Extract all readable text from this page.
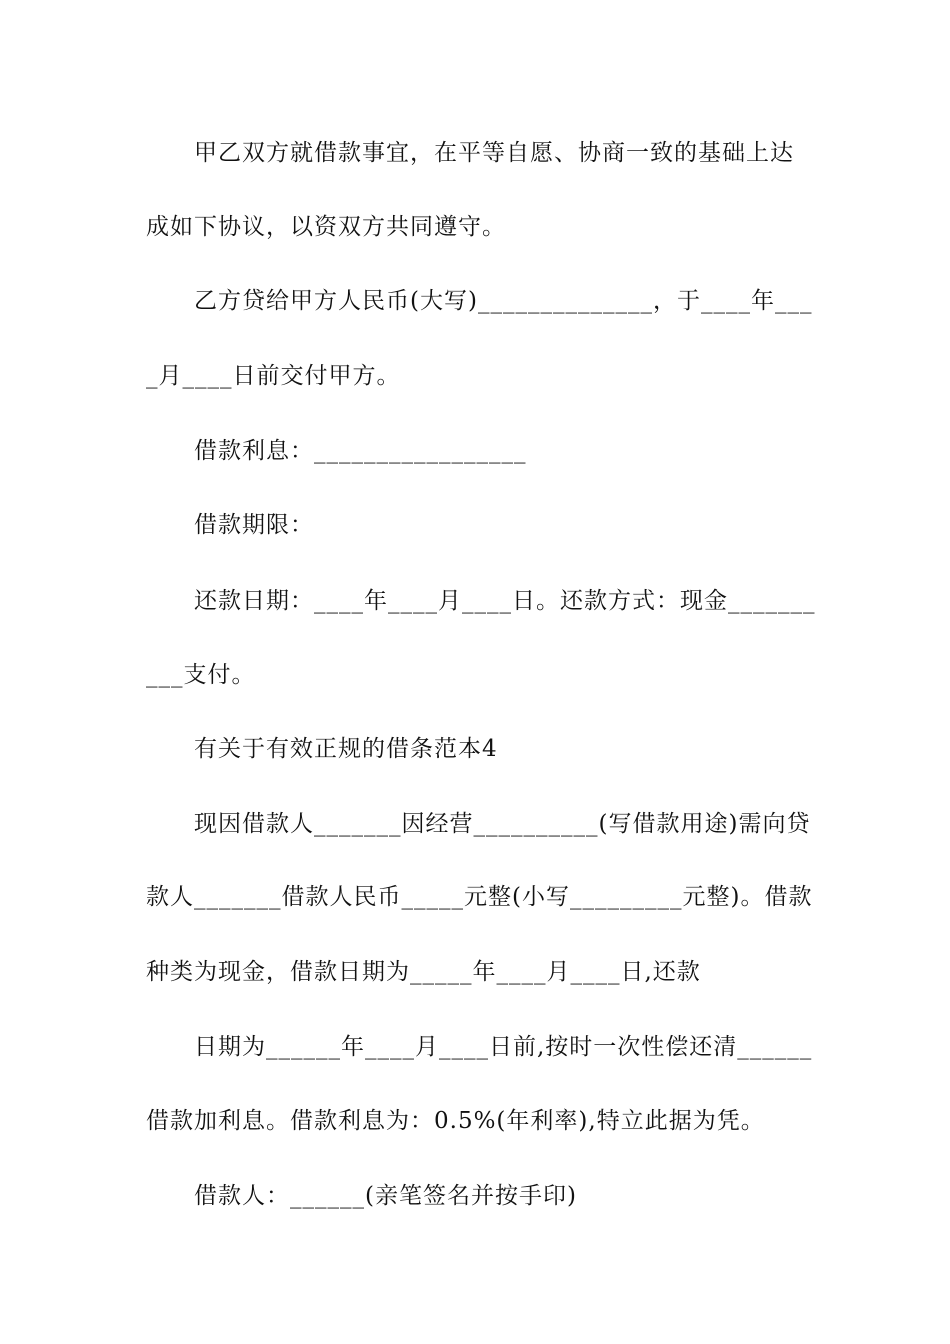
甲乙双方就借款事宜，在平等自愿、协商一致的基础上达
成如下协议，以资双方共同遵守。
乙方贷给甲方人民币(大写)______________，于____年___
_月____日前交付甲方。
借款利息：_________________
借款期限：
还款日期：____年____月____日。还款方式：现金_______
___支付。
有关于有效正规的借条范本4
现因借款人_______因经营__________(写借款用途)需向贷
款人_______借款人民币_____元整(小写_________元整)。借款
种类为现金，借款日期为_____年____月____日,还款
日期为______年____月____日前,按时一次性偿还清______
借款加利息。借款利息为：0.5%(年利率),特立此据为凭。
借款人：______(亲笔签名并按手印)
